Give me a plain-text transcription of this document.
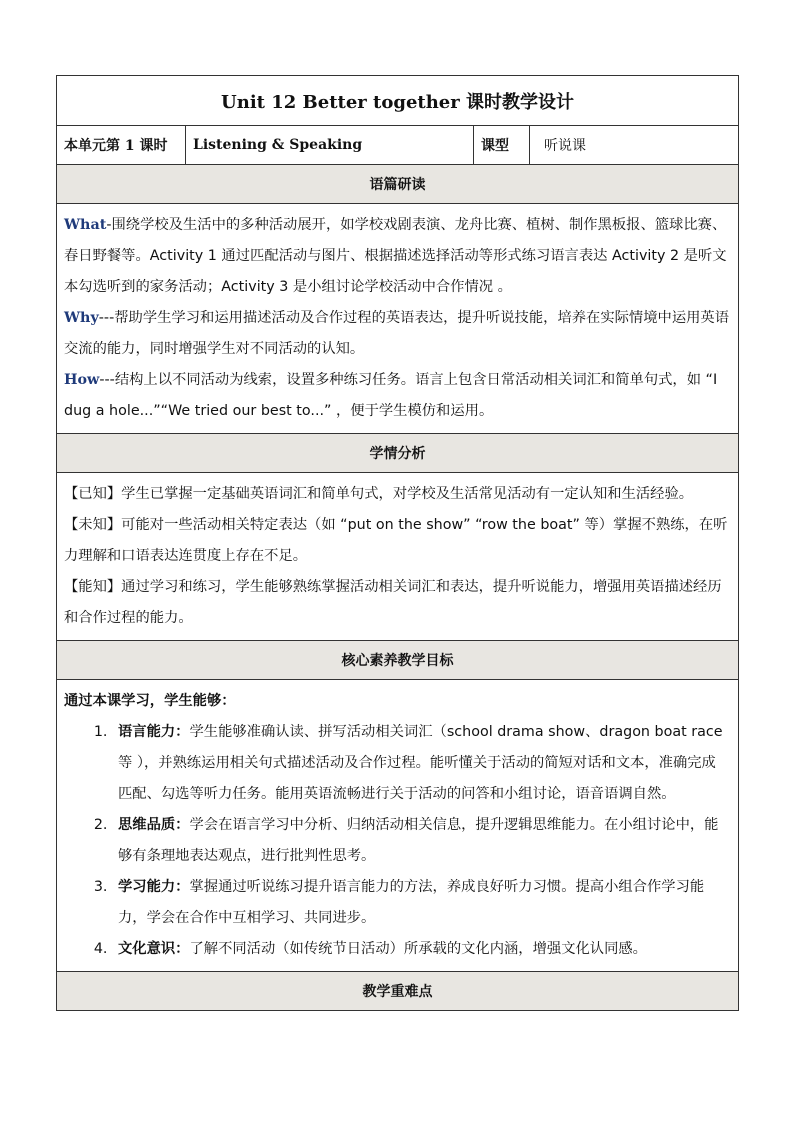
Unit 12 Better together 课时教学设计
本单元第 1 课时	Listening & Speaking	课型	听说课
语篇研读

What-围绕学校及生活中的多种活动展开，如学校戏剧表演、龙舟比赛、植树、制作黑板报、篮球比赛、春日野餐等。Activity 1 通过匹配活动与图片、根据描述选择活动等形式练习语言表达 Activity 2 是听文本勾选听到的家务活动；Activity 3 是小组讨论学校活动中合作情况 。

Why---帮助学生学习和运用描述活动及合作过程的英语表达，提升听说技能，培养在实际情境中运用英语交流的能力，同时增强学生对不同活动的认知。

How---结构上以不同活动为线索，设置多种练习任务。语言上包含日常活动相关词汇和简单句式，如 “I dug a hole...”“We tried our best to...” ，便于学生模仿和运用。

学情分析

【已知】学生已掌握一定基础英语词汇和简单句式，对学校及生活常见活动有一定认知和生活经验。

【未知】可能对一些活动相关特定表达（如 “put on the show” “row the boat” 等）掌握不熟练，在听力理解和口语表达连贯度上存在不足。

【能知】通过学习和练习，学生能够熟练掌握活动相关词汇和表达，提升听说能力，增强用英语描述经历和合作过程的能力。

核心素养教学目标

通过本课学习，学生能够：

1. 语言能力：学生能够准确认读、拼写活动相关词汇（school drama show、dragon boat race 等 ），并熟练运用相关句式描述活动及合作过程。能听懂关于活动的简短对话和文本，准确完成匹配、勾选等听力任务。能用英语流畅进行关于活动的问答和小组讨论，语音语调自然。
2. 思维品质：学会在语言学习中分析、归纳活动相关信息，提升逻辑思维能力。在小组讨论中，能够有条理地表达观点，进行批判性思考。
3. 学习能力：掌握通过听说练习提升语言能力的方法，养成良好听力习惯。提高小组合作学习能力，学会在合作中互相学习、共同进步。
4. 文化意识：了解不同活动（如传统节日活动）所承载的文化内涵，增强文化认同感。

教学重难点
